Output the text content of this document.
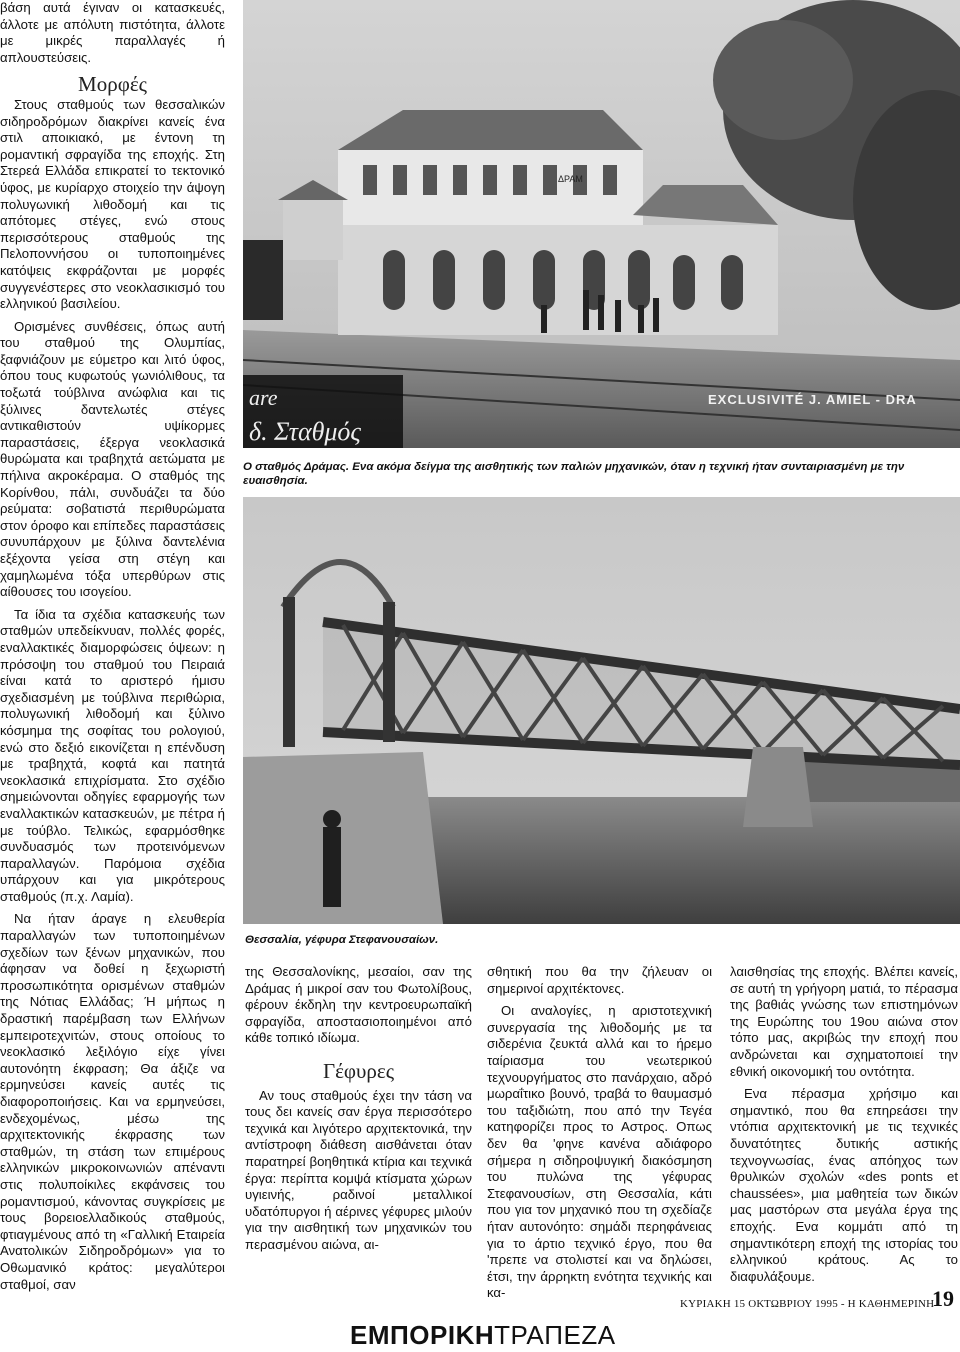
βάση αυτά έγιναν οι κατασκευές, άλλοτε με απόλυτη πιστότητα, άλλοτε με μικρές παραλλαγές ή απλουστεύσεις.

Μορφές

Στους σταθμούς των θεσσαλικών σιδηροδρόμων διακρίνει κανείς ένα στιλ αποικιακό, με έντονη τη ρομαντική σφραγίδα της εποχής. Στη Στερεά Ελλάδα επικρατεί το τεκτονικό ύφος, με κυρίαρχο στοιχείο την άψογη πολυγωνική λιθοδομή και τις απότομες στέγες, ενώ στους περισσότερους σταθμούς της Πελοποννήσου οι τυποποιημένες κατόψεις εκφράζονται με μορφές συγγενέστερες στο νεοκλασικισμό του ελληνικού βασιλείου.

Ορισμένες συνθέσεις, όπως αυτή του σταθμού της Ολυμπίας, ξαφνιάζουν με εύμετρο και λιτό ύφος, όπου τους κυφωτούς γωνιόλιθους, τα τοξωτά τούβλινα ανώφλια και τις ξύλινες δαντελωτές στέγες αντικαθιστούν υψίκορμες παραστάσεις, έξεργα νεοκλασικά θυρώματα και τραβηχτά αετώματα με πήλινα ακροκέραμα. Ο σταθμός της Κορίνθου, πάλι, συνδυάζει τα δύο ρεύματα: σοβατιστά περιθυρώματα στον όροφο και επίπεδες παραστάσεις συνυπάρχουν με ξύλινα δαντελένια εξέχοντα γείσα στη στέγη και χαμηλωμένα τόξα υπερθύρων στις αίθουσες του ισογείου.

Τα ίδια τα σχέδια κατασκευής των σταθμών υπεδείκνυαν, πολλές φορές, εναλλακτικές διαμορφώσεις όψεων: η πρόσοψη του σταθμού του Πειραιά είναι κατά το αριστερό ήμισυ σχεδιασμένη με τούβλινα περιθώρια, πολυγωνική λιθοδομή και ξύλινο κόσμημα της σοφίτας του ρολογιού, ενώ στο δεξιό εικονίζεται η επένδυση με τραβηχτά, κοφτά και πατητά νεοκλασικά επιχρίσματα. Στο σχέδιο σημειώνονται οδηγίες εφαρμογής των εναλλακτικών κατασκευών, με πέτρα ή με τούβλο. Τελικώς, εφαρμόσθηκε συνδυασμός των προτεινόμενων παραλλαγών. Παρόμοια σχέδια υπάρχουν και για μικρότερους σταθμούς (π.χ. Λαμία).

Να ήταν άραγε η ελευθερία παραλλαγών των τυποποιημένων σχεδίων των ξένων μηχανικών, που άφησαν να δοθεί η ξεχωριστή προσωπικότητα ορισμένων σταθμών της Νότιας Ελλάδας; Ή μήπως η δραστική παρέμβαση των Ελλήνων εμπειροτεχνιτών, στους οποίους το νεοκλασικό λεξιλόγιο είχε γίνει αυτονόητη έκφραση; Θα άξιζε να ερμηνεύσει κανείς αυτές τις διαφοροποιήσεις. Και να ερμηνεύσει, ενδεχομένως, μέσω της αρχιτεκτονικής έκφρασης των σταθμών, τη στάση των επιμέρους ελληνικών μικροκοινωνιών απέναντι στις πολυποίκιλες εκφάνσεις του ρομαντισμού, κάνοντας συγκρίσεις με τους βορειοελλαδικούς σταθμούς, φτιαγμένους από τη «Γαλλική Εταιρεία Ανατολικών Σιδηροδρόμων» για το Οθωμανικό κράτος: μεγαλύτεροι σταθμοί, σαν

ΔΡΑΜ
are
δ. Σταθμός
EXCLUSIVITÉ J. AMIEL - DRA
Ο σταθμός Δράμας. Ενα ακόμα δείγμα της αισθητικής των παλιών μηχανικών, όταν η τεχνική ήταν συνταιριασμένη με την ευαισθησία.
Θεσσαλία, γέφυρα Στεφανουσαίων.

της Θεσσαλονίκης, μεσαίοι, σαν της Δράμας ή μικροί σαν του Φωτολίβους, φέρουν έκδηλη την κεντροευρωπαϊκή σφραγίδα, αποστασιοποιημένοι από κάθε τοπικό ιδίωμα.

Γέφυρες

Αν τους σταθμούς έχει την τάση να τους δει κανείς σαν έργα περισσότερο τεχνικά και λιγότερο αρχιτεκτονικά, την αντίστροφη διάθεση αισθάνεται όταν παρατηρεί βοηθητικά κτίρια και τεχνικά έργα: περίπτα κομψά κτίσματα χώρων υγιεινής, ραδινοί μεταλλικοί υδατόπυργοι ή αέρινες γέφυρες μιλούν για την αισθητική των μηχανικών του περασμένου αιώνα, αι-

σθητική που θα την ζήλευαν οι σημερινοί αρχιτέκτονες.

Οι αναλογίες, η αριστοτεχνική συνεργασία της λιθοδομής με τα σιδερένια ζευκτά αλλά και το ήρεμο ταίριασμα του νεωτερικού τεχνουργήματος στο πανάρχαιο, αδρό μωραΐτικο βουνό, τραβά το θαυμασμό του ταξιδιώτη, που από την Τεγέα κατηφορίζει προς το Αστρος. Οπως δεν θα 'φηνε κανένα αδιάφορο σήμερα η σιδηροψυγική διακόσμηση του πυλώνα της γέφυρας Στεφανουσίων, στη Θεσσαλία, κάτι που για τον μηχανικό που τη σχεδίαζε ήταν αυτονόητο: σημάδι περηφάνειας για το άρτιο τεχνικό έργο, που θα 'πρεπε να στολιστεί και να δηλώσει, έτσι, την άρρηκτη ενότητα τεχνικής και κα-

λαισθησίας της εποχής. Βλέπει κανείς, σε αυτή τη γρήγορη ματιά, το πέρασμα της βαθιάς γνώσης των επιστημόνων της Ευρώπης του 19ου αιώνα στον τόπο μας, ακριβώς την εποχή που ανδρώνεται και σχηματοποιεί την εθνική οικονομική του οντότητα.

Ενα πέρασμα χρήσιμο και σημαντικό, που θα επηρεάσει την ντόπια αρχιτεκτονική με τις τεχνικές δυνατότητες δυτικής αστικής τεχνογνωσίας, ένας απόηχος των θρυλικών σχολών «des ponts et chaussées», μια μαθητεία των δικών μας μαστόρων στα μεγάλα έργα της εποχής. Ενα κομμάτι από τη σημαντικότερη εποχή της ιστορίας του ελληνικού κράτους. Ας το διαφυλάξουμε.

ΚΥΡΙΑΚΗ 15 ΟΚΤΩΒΡΙΟΥ 1995 - Η ΚΑΘΗΜΕΡΙΝΗ
19
ΕΜΠΟΡΙΚΗΤΡΑΠΕΖΑ
